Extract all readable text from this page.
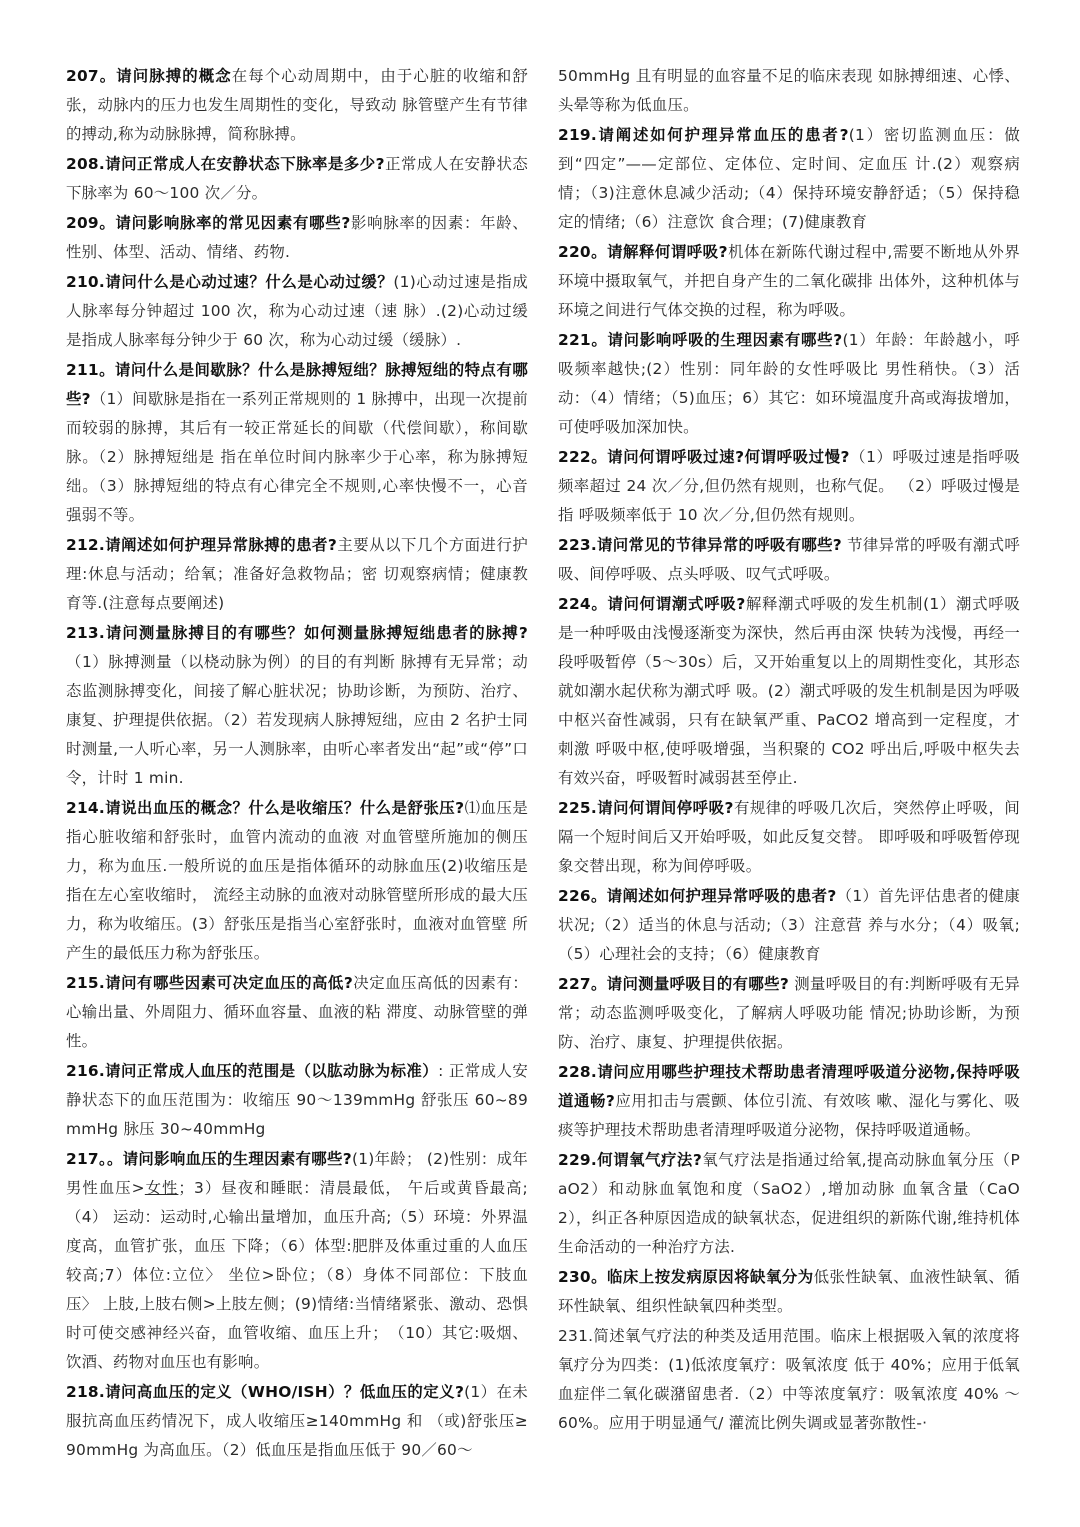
207。请问脉搏的概念在每个心动周期中，由于心脏的收缩和舒张，动脉内的压力也发生周期性的变化，导致动 脉管壁产生有节律的搏动,称为动脉脉搏，简称脉搏。

208.请问正常成人在安静状态下脉率是多少?正常成人在安静状态下脉率为 60～100 次／分。

209。请问影响脉率的常见因素有哪些?影响脉率的因素：年龄、性别、体型、活动、情绪、药物.

210.请问什么是心动过速？什么是心动过缓？(1)心动过速是指成人脉率每分钟超过 100 次，称为心动过速（速 脉）.(2)心动过缓是指成人脉率每分钟少于 60 次，称为心动过缓（缓脉）.

211。请问什么是间歇脉？什么是脉搏短绌？脉搏短绌的特点有哪些?（1）间歇脉是指在一系列正常规则的 1 脉搏中，出现一次提前而较弱的脉搏，其后有一较正常延长的间歇（代偿间歇），称间歇脉。（2）脉搏短绌是 指在单位时间内脉率少于心率，称为脉搏短绌。（3）脉搏短绌的特点有心律完全不规则,心率快慢不一，心音 强弱不等。

212.请阐述如何护理异常脉搏的患者?主要从以下几个方面进行护理:休息与活动；给氧；准备好急救物品；密 切观察病情；健康教育等.(注意每点要阐述)

213.请问测量脉搏目的有哪些？如何测量脉搏短绌患者的脉搏?（1）脉搏测量（以桡动脉为例）的目的有判断 脉搏有无异常；动态监测脉搏变化，间接了解心脏状况；协助诊断，为预防、治疗、康复、护理提供依据。（2）若发现病人脉搏短绌，应由 2 名护士同时测量,一人听心率，另一人测脉率，由听心率者发出“起”或“停”口令，计时 1 min.

214.请说出血压的概念？什么是收缩压？什么是舒张压?⑴血压是指心脏收缩和舒张时，血管内流动的血液 对血管壁所施加的侧压力，称为血压.一般所说的血压是指体循环的动脉血压(2)收缩压是指在左心室收缩时， 流经主动脉的血液对动脉管壁所形成的最大压力，称为收缩压。(3）舒张压是指当心室舒张时，血液对血管壁 所产生的最低压力称为舒张压。

215.请问有哪些因素可决定血压的高低?决定血压高低的因素有：心输出量、外周阻力、循环血容量、血液的粘 滞度、动脉管壁的弹性。

216.请问正常成人血压的范围是（以肱动脉为标准）: 正常成人安静状态下的血压范围为：收缩压 90～139mmHg 舒张压 60~89mmHg 脉压 30~40mmHg

217。。请问影响血压的生理因素有哪些?(1)年龄； (2)性别：成年男性血压>女性；3）昼夜和睡眠：清晨最低， 午后或黄昏最高;（4） 运动：运动时,心输出量增加，血压升高;（5）环境：外界温度高，血管扩张，血压 下降；（6）体型:肥胖及体重过重的人血压较高;7）体位:立位〉 坐位>卧位；（8）身体不同部位：下肢血压〉 上肢,上肢右侧>上肢左侧；(9)情绪:当情绪紧张、激动、恐惧时可使交感神经兴奋，血管收缩、血压上升；　（10）其它:吸烟、饮酒、药物对血压也有影响。

218.请问高血压的定义（WHO/ISH）？低血压的定义?(1）在未服抗高血压药情况下，成人收缩压≥140mmHg 和 （或)舒张压≥90mmHg 为高血压。（2）低血压是指血压低于 90／60～

50mmHg 且有明显的血容量不足的临床表现 如脉搏细速、心悸、头晕等称为低血压。

219.请阐述如何护理异常血压的患者?(1）密切监测血压：做到“四定”——定部位、定体位、定时间、定血压 计.(2）观察病情；（3)注意休息减少活动;（4）保持环境安静舒适；（5）保持稳定的情绪;（6）注意饮 食合理；(7)健康教育

220。请解释何谓呼吸?机体在新陈代谢过程中,需要不断地从外界环境中摄取氧气，并把自身产生的二氧化碳排 出体外，这种机体与环境之间进行气体交换的过程，称为呼吸。

221。请问影响呼吸的生理因素有哪些?(1）年龄：年龄越小，呼吸频率越快;(2）性别：同年龄的女性呼吸比 男性稍快。（3）活动：（4）情绪；（5)血压；6）其它：如环境温度升高或海拔增加，可使呼吸加深加快。

222。请问何谓呼吸过速?何谓呼吸过慢?（1）呼吸过速是指呼吸频率超过 24 次／分,但仍然有规则，也称气促。 （2）呼吸过慢是指 呼吸频率低于 10 次／分,但仍然有规则。

223.请问常见的节律异常的呼吸有哪些? 节律异常的呼吸有潮式呼吸、间停呼吸、点头呼吸、叹气式呼吸。

224。请问何谓潮式呼吸?解释潮式呼吸的发生机制(1）潮式呼吸是一种呼吸由浅慢逐渐变为深快，然后再由深 快转为浅慢，再经一段呼吸暂停（5～30s）后，又开始重复以上的周期性变化，其形态就如潮水起伏称为潮式呼 吸。(2）潮式呼吸的发生机制是因为呼吸中枢兴奋性减弱，只有在缺氧严重、PaCO2 增高到一定程度，才刺激 呼吸中枢,使呼吸增强，当积聚的 CO2 呼出后,呼吸中枢失去有效兴奋，呼吸暂时减弱甚至停止.

225.请问何谓间停呼吸?有规律的呼吸几次后，突然停止呼吸，间隔一个短时间后又开始呼吸，如此反复交替。 即呼吸和呼吸暂停现象交替出现，称为间停呼吸。

226。请阐述如何护理异常呼吸的患者?（1）首先评估患者的健康状况;（2）适当的休息与活动;（3）注意营 养与水分；（4）吸氧;（5）心理社会的支持；（6）健康教育

227。请问测量呼吸目的有哪些? 测量呼吸目的有:判断呼吸有无异常；动态监测呼吸变化，了解病人呼吸功能 情况;协助诊断，为预防、治疗、康复、护理提供依据。

228.请问应用哪些护理技术帮助患者清理呼吸道分泌物,保持呼吸道通畅?应用扣击与震颤、体位引流、有效咳 嗽、湿化与雾化、吸痰等护理技术帮助患者清理呼吸道分泌物，保持呼吸道通畅。

229.何谓氧气疗法?氧气疗法是指通过给氧,提高动脉血氧分压（PaO2）和动脉血氧饱和度（SaO2）,增加动脉 血氧含量（CaO2），纠正各种原因造成的缺氧状态，促进组织的新陈代谢,维持机体生命活动的一种治疗方法.

230。临床上按发病原因将缺氧分为低张性缺氧、血液性缺氧、循环性缺氧、组织性缺氧四种类型。

231.简述氧气疗法的种类及适用范围。临床上根据吸入氧的浓度将氧疗分为四类：(1)低浓度氧疗：吸氧浓度 低于 40%；应用于低氧血症伴二氧化碳潴留患者.（2）中等浓度氧疗：吸氧浓度 40% ～ 60%。应用于明显通气/ 灌流比例失调或显著弥散性-·
